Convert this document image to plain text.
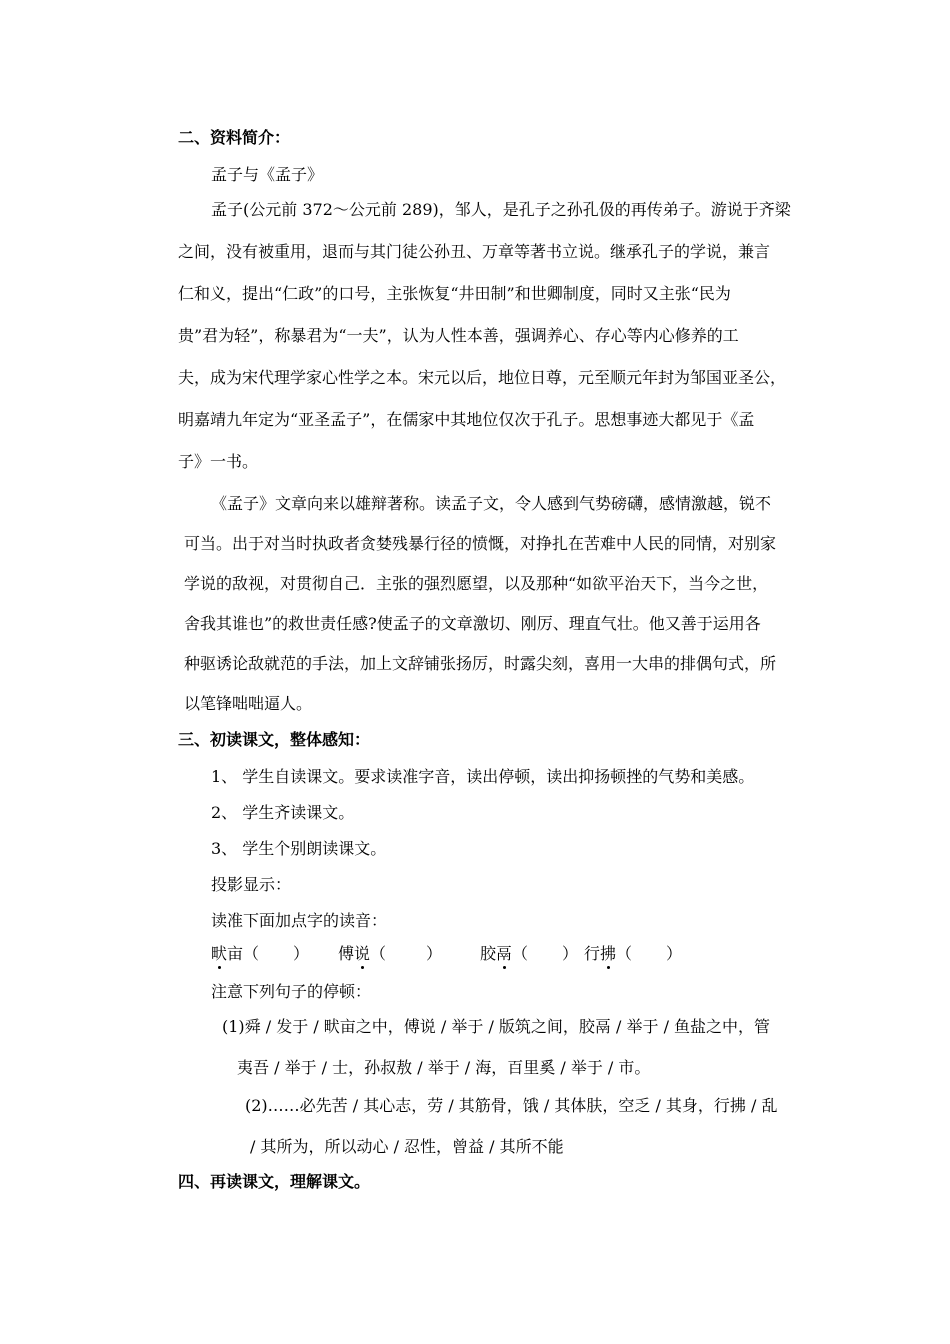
二、资料简介：
孟子与《孟子》
孟子(公元前 372～公元前 289)，邹人，是孔子之孙孔伋的再传弟子。游说于齐梁
之间，没有被重用，退而与其门徒公孙丑、万章等著书立说。继承孔子的学说，兼言
仁和义，提出“仁政”的口号，主张恢复“井田制”和世卿制度，同时又主张“民为
贵”君为轻”，称暴君为“一夫”，认为人性本善，强调养心、存心等内心修养的工
夫，成为宋代理学家心性学之本。宋元以后，地位日尊，元至顺元年封为邹国亚圣公，
明嘉靖九年定为“亚圣孟子”，在儒家中其地位仅次于孔子。思想事迹大都见于《孟
子》一书。
《孟子》文章向来以雄辩著称。读孟子文，令人感到气势磅礴，感情激越，锐不
可当。出于对当时执政者贪婪残暴行径的愤慨，对挣扎在苦难中人民的同情，对别家
学说的敌视，对贯彻自己．主张的强烈愿望，以及那种“如欲平治天下，当今之世，
舍我其谁也”的救世责任感?使孟子的文章激切、刚厉、理直气壮。他又善于运用各
种驱诱论敌就范的手法，加上文辞铺张扬厉，时露尖刻，喜用一大串的排偶句式，所
以笔锋咄咄逼人。
三、初读课文，整体感知：
1、 学生自读课文。要求读准字音，读出停顿，读出抑扬顿挫的气势和美感。
2、 学生齐读课文。
3、 学生个别朗读课文。
投影显示：
读准下面加点字的读音：
畎亩（ ） 傅说（	） 胶鬲（ ） 行拂（ ）
注意下列句子的停顿：
(1)舜 / 发于 / 畎亩之中，傅说 / 举于 / 版筑之间，胶鬲 / 举于 / 鱼盐之中，管
夷吾 / 举于 / 士，孙叔敖 / 举于 / 海，百里奚 / 举于 / 市。
(2)……必先苦 / 其心志，劳 / 其筋骨，饿 / 其体肤，空乏 / 其身，行拂 / 乱
/ 其所为，所以动心 / 忍性，曾益 / 其所不能
四、再读课文，理解课文。
